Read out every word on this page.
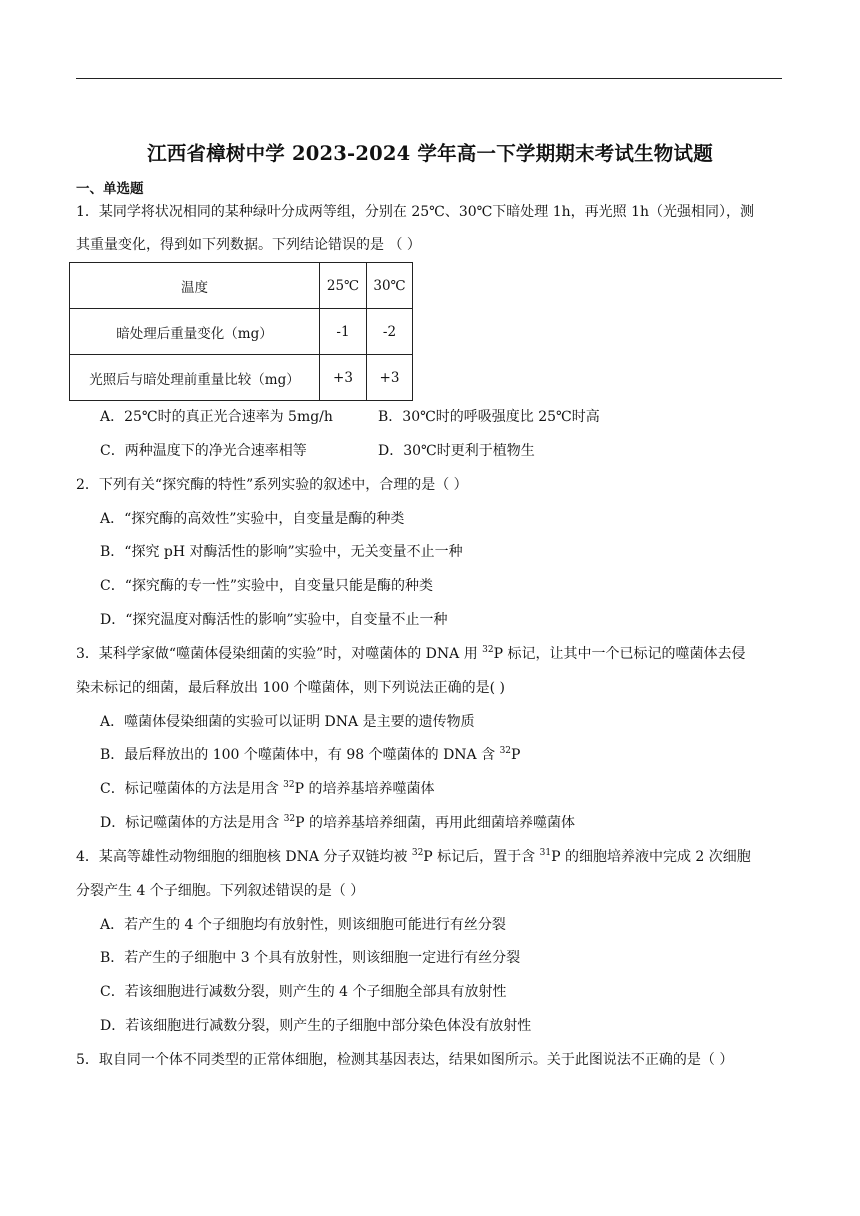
江西省樟树中学 2023-2024 学年高一下学期期末考试生物试题
一、单选题
1．某同学将状况相同的某种绿叶分成两等组，分别在 25℃、30℃下暗处理 1h，再光照 1h（光强相同），测
其重量变化，得到如下列数据。下列结论错误的是 （ ）
温度	25℃	30℃
暗处理后重量变化（mg）	-1	-2
光照后与暗处理前重量比较（mg）	+3	+3
A．25℃时的真正光合速率为 5mg/h	B．30℃时的呼吸强度比 25℃时高
C．两种温度下的净光合速率相等	D．30℃时更利于植物生
2．下列有关“探究酶的特性”系列实验的叙述中，合理的是（ ）
A．“探究酶的高效性”实验中，自变量是酶的种类
B．“探究 pH 对酶活性的影响”实验中，无关变量不止一种
C．“探究酶的专一性”实验中，自变量只能是酶的种类
D．“探究温度对酶活性的影响”实验中，自变量不止一种
3．某科学家做“噬菌体侵染细菌的实验”时，对噬菌体的 DNA 用 $^{32}$P 标记，让其中一个已标记的噬菌体去侵
染未标记的细菌，最后释放出 100 个噬菌体，则下列说法正确的是( )
A．噬菌体侵染细菌的实验可以证明 DNA 是主要的遗传物质
B．最后释放出的 100 个噬菌体中，有 98 个噬菌体的 DNA 含 $^{32}$P
C．标记噬菌体的方法是用含 $^{32}$P 的培养基培养噬菌体
D．标记噬菌体的方法是用含 $^{32}$P 的培养基培养细菌，再用此细菌培养噬菌体
4．某高等雄性动物细胞的细胞核 DNA 分子双链均被 $^{32}$P 标记后，置于含 $^{31}$P 的细胞培养液中完成 2 次细胞
分裂产生 4 个子细胞。下列叙述错误的是（ ）
A．若产生的 4 个子细胞均有放射性，则该细胞可能进行有丝分裂
B．若产生的子细胞中 3 个具有放射性，则该细胞一定进行有丝分裂
C．若该细胞进行减数分裂，则产生的 4 个子细胞全部具有放射性
D．若该细胞进行减数分裂，则产生的子细胞中部分染色体没有放射性
5．取自同一个体不同类型的正常体细胞，检测其基因表达，结果如图所示。关于此图说法不正确的是（ ）
